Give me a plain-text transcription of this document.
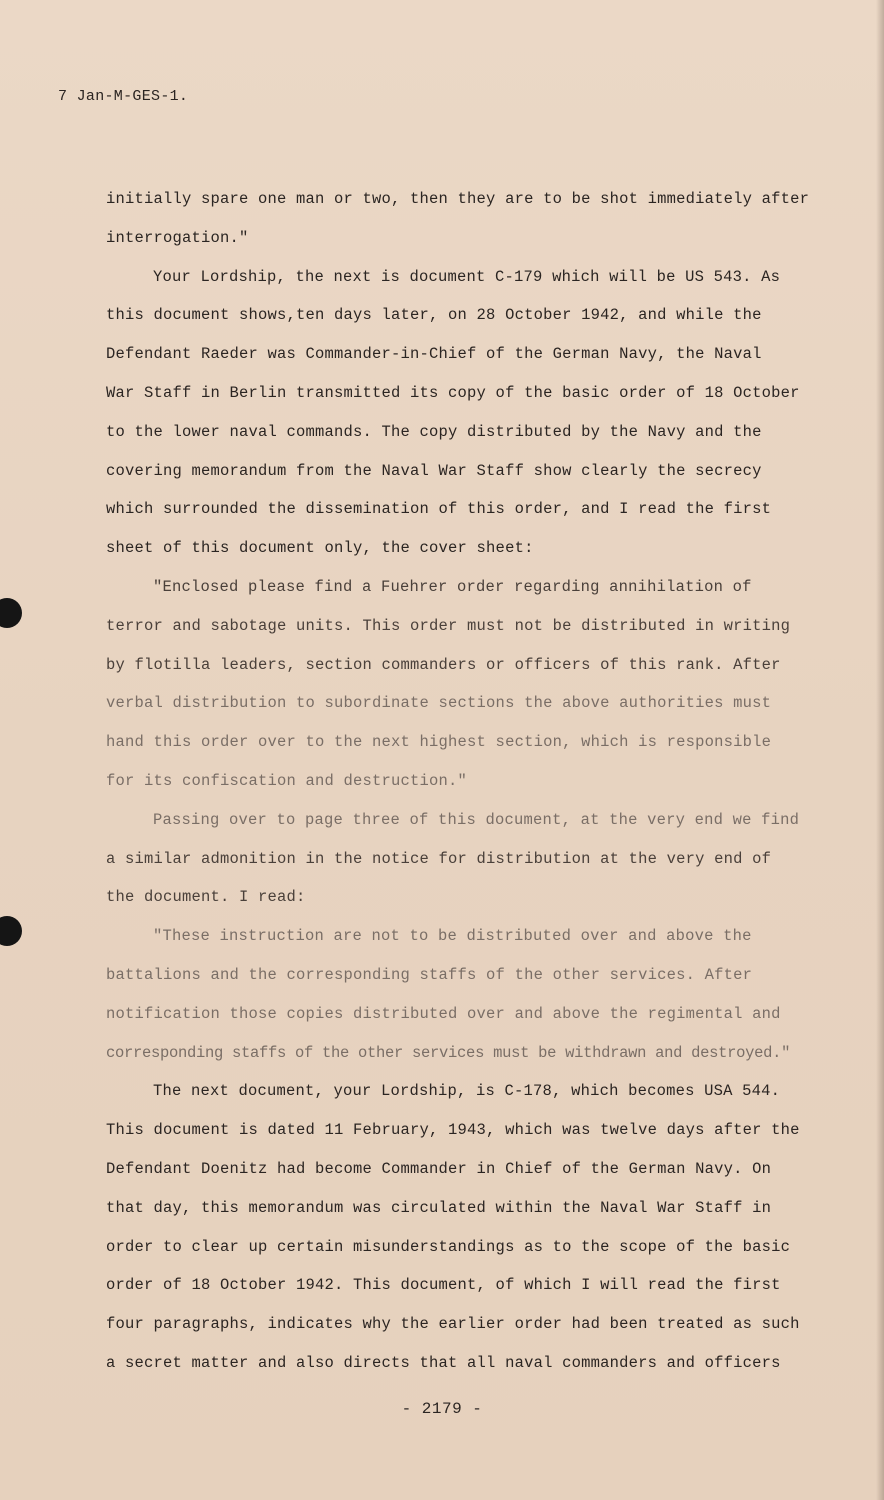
7 Jan-M-GES-1.
initially spare one man or two, then they are to be shot immediately after
interrogation."
Your Lordship, the next is document C-179 which will be US 543. As
this document shows,ten days later, on 28 October 1942, and while the
Defendant Raeder was Commander-in-Chief of the German Navy, the Naval
War Staff in Berlin transmitted its copy of the basic order of 18 October
to the lower naval commands. The copy distributed by the Navy and the
covering memorandum from the Naval War Staff show clearly the secrecy
which surrounded the dissemination of this order, and I read the first
sheet of this document only, the cover sheet:
"Enclosed please find a Fuehrer order regarding annihilation of
terror and sabotage units. This order must not be distributed in writing
by flotilla leaders, section commanders or officers of this rank. After
verbal distribution to subordinate sections the above authorities must
hand this order over to the next highest section, which is responsible
for its confiscation and destruction."
Passing over to page three of this document, at the very end we find
a similar admonition in the notice for distribution at the very end of
the document. I read:
"These instruction are not to be distributed over and above the
battalions and the corresponding staffs of the other services. After
notification those copies distributed over and above the regimental and
corresponding staffs of the other services must be withdrawn and destroyed."
The next document, your Lordship, is C-178, which becomes USA 544.
This document is dated 11 February, 1943, which was twelve days after the
Defendant Doenitz had become Commander in Chief of the German Navy. On
that day, this memorandum was circulated within the Naval War Staff in
order to clear up certain misunderstandings as to the scope of the basic
order of 18 October 1942. This document, of which I will read the first
four paragraphs, indicates why the earlier order had been treated as such
a secret matter and also directs that all naval commanders and officers
- 2179 -
